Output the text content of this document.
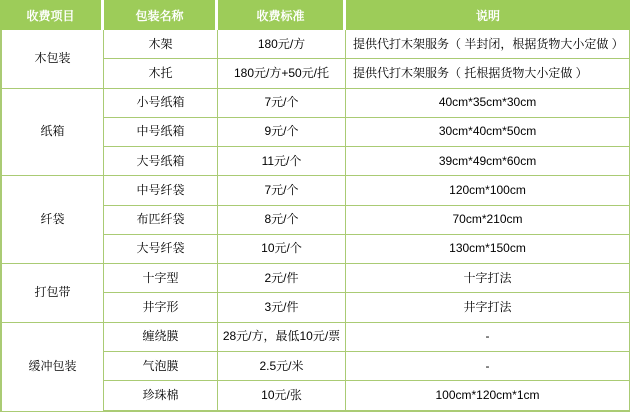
收费项目	包装名称	收费标准	说明
木包装	木架	180元/方	提供代打木架服务（ 半封闭，根据货物大小定做 ）
	木托	180元/方+50元/托	提供代打木架服务（ 托根据货物大小定做 ）
纸箱	小号纸箱	7元/个	40cm*35cm*30cm
	中号纸箱	9元/个	30cm*40cm*50cm
	大号纸箱	11元/个	39cm*49cm*60cm
纤袋	中号纤袋	7元/个	120cm*100cm
	布匹纤袋	8元/个	70cm*210cm
	大号纤袋	10元/个	130cm*150cm
打包带	十字型	2元/件	十字打法
	井字形	3元/件	井字打法
缓冲包装	缠绕膜	28元/方，最低10元/票	-
	气泡膜	2.5元/米	-
	珍珠棉	10元/张	100cm*120cm*1cm
